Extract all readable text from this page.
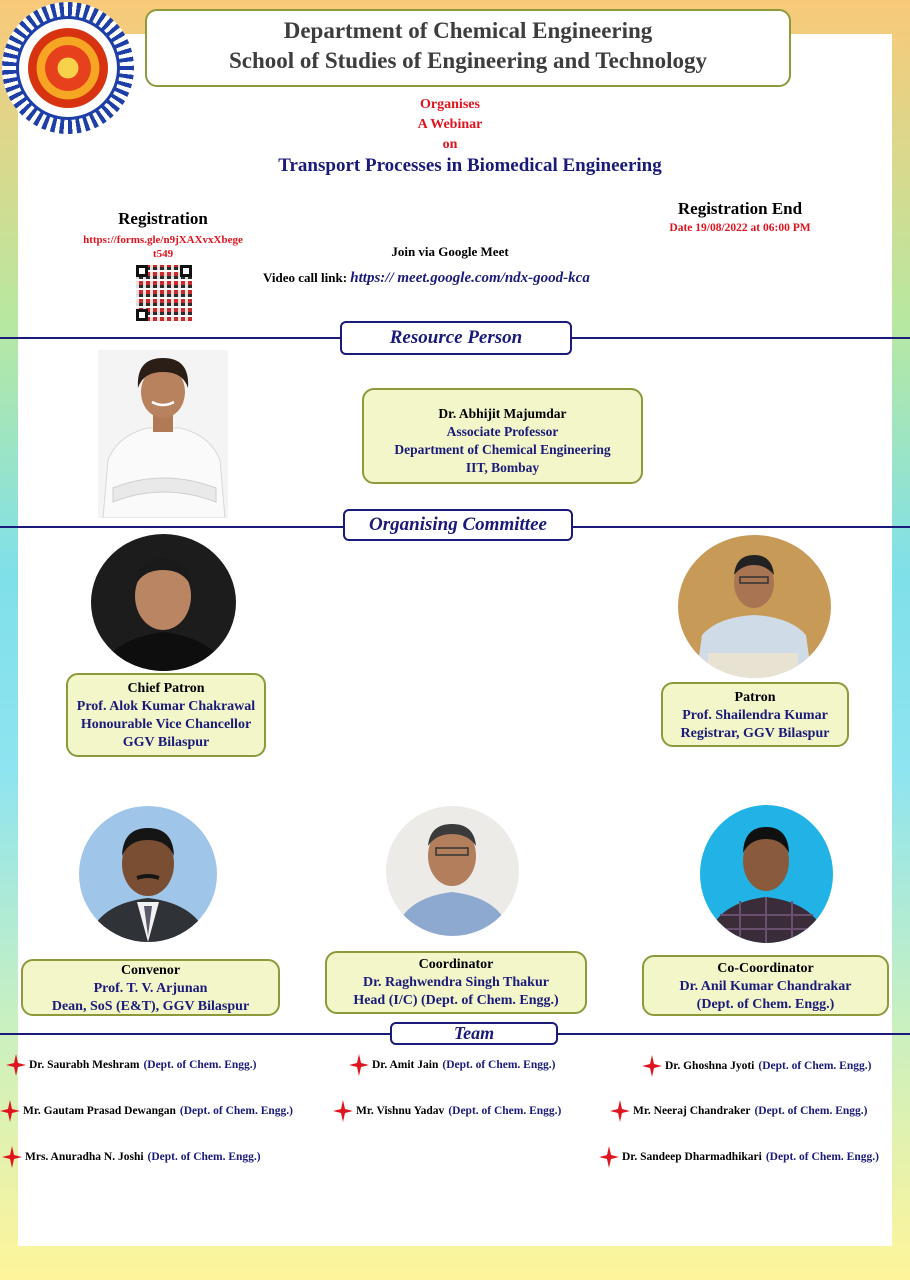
Department of Chemical Engineering
School of Studies of Engineering and Technology
Organises
A Webinar
on
Transport Processes in Biomedical Engineering
Registration
https://forms.gle/n9jXAXvxXbege
t549
Registration End
Date 19/08/2022 at 06:00 PM
Join via Google Meet
Video call link: https:// meet.google.com/ndx-good-kca
Resource Person
Dr. Abhijit Majumdar
Associate Professor
Department of Chemical Engineering
IIT, Bombay
Organising Committee
Chief Patron
Prof. Alok Kumar Chakrawal
Honourable Vice Chancellor
GGV Bilaspur
Patron
Prof. Shailendra Kumar
Registrar, GGV Bilaspur
Convenor
Prof. T. V. Arjunan
Dean, SoS (E&T), GGV Bilaspur
Coordinator
Dr. Raghwendra Singh Thakur
Head (I/C) (Dept. of Chem. Engg.)
Co-Coordinator
Dr. Anil Kumar Chandrakar
(Dept. of Chem. Engg.)
Team
Dr. Saurabh Meshram (Dept. of Chem. Engg.)	Dr. Amit Jain (Dept. of Chem. Engg.)	Dr. Ghoshna Jyoti (Dept. of Chem. Engg.)
Mr. Gautam Prasad Dewangan (Dept. of Chem. Engg.)	Mr. Vishnu Yadav (Dept. of Chem. Engg.)	Mr. Neeraj Chandraker (Dept. of Chem. Engg.)
Mrs. Anuradha N. Joshi (Dept. of Chem. Engg.)	Dr. Sandeep Dharmadhikari (Dept. of Chem. Engg.)
